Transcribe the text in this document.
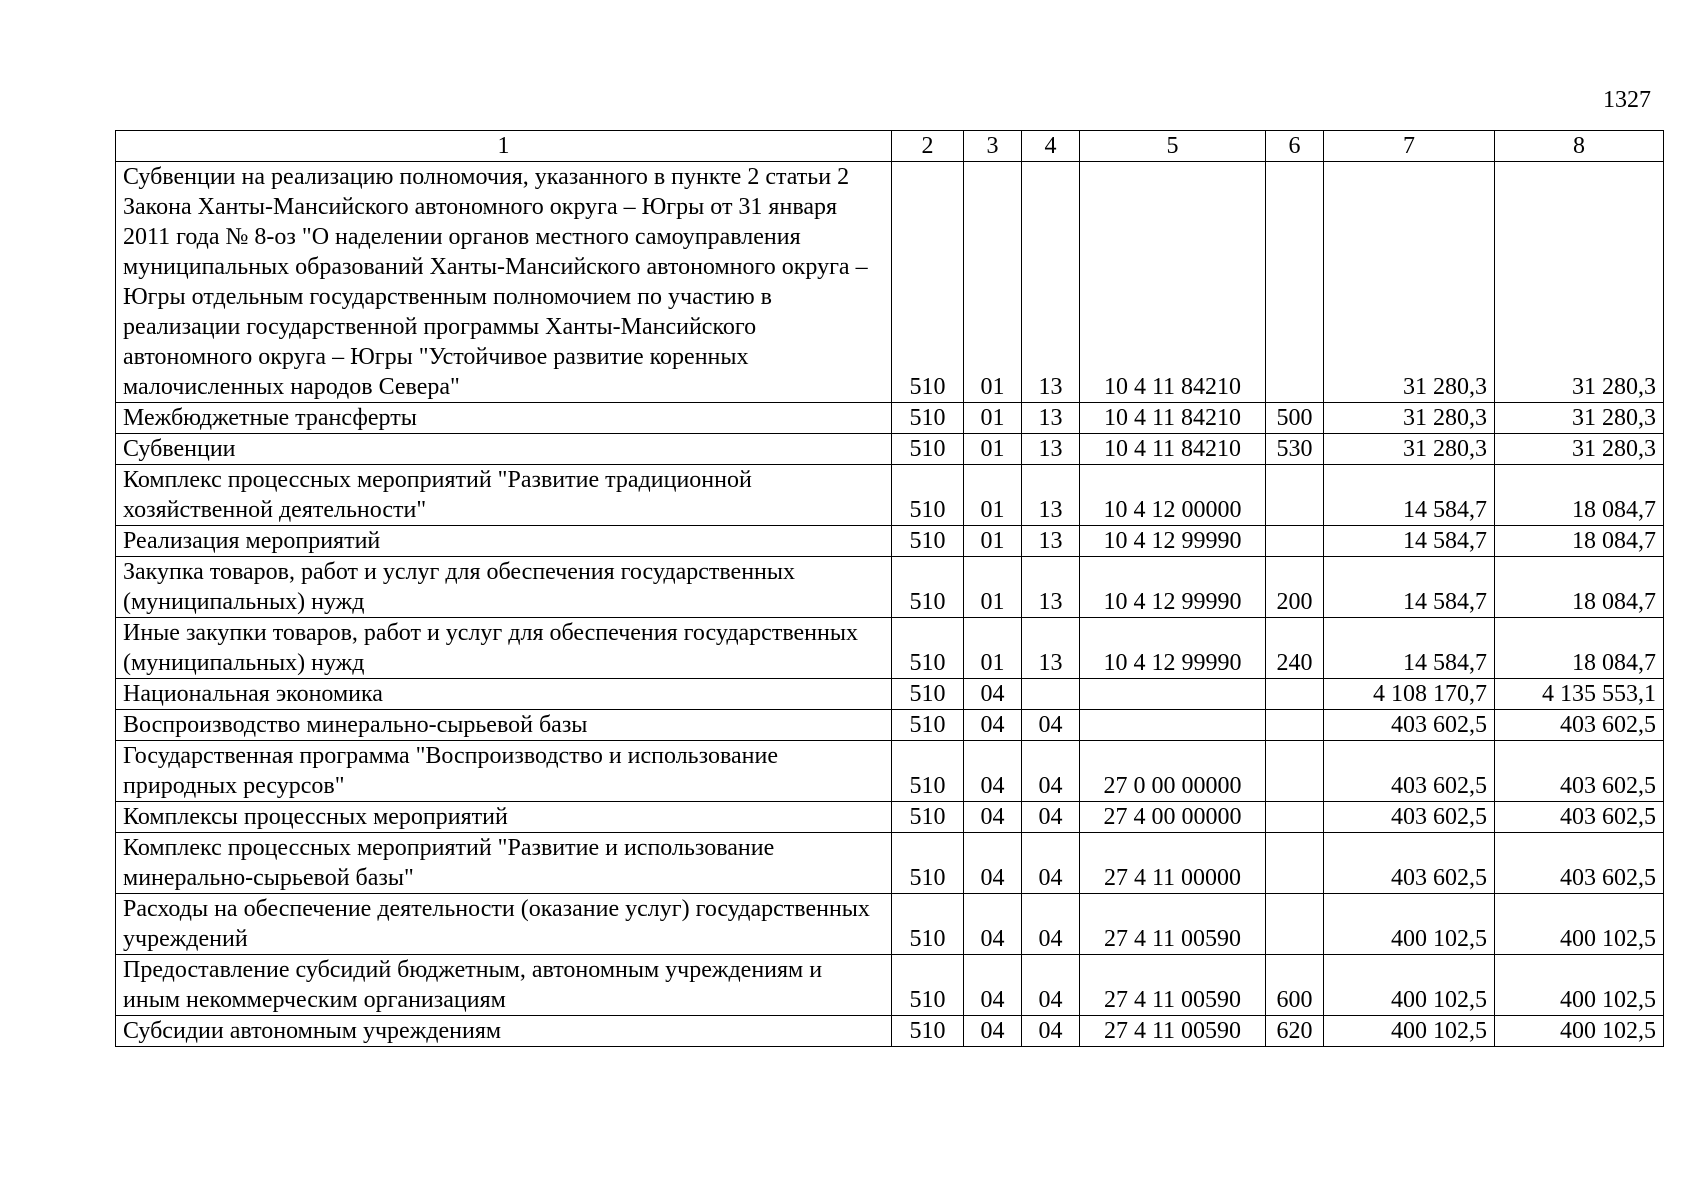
1327
1	2	3	4	5	6	7	8
Субвенции на реализацию полномочия, указанного в пункте 2 статьи 2 Закона Ханты-Мансийского автономного округа – Югры от 31 января 2011 года № 8-оз "О наделении органов местного самоуправления муниципальных образований Ханты-Мансийского автономного округа – Югры отдельным государственным полномочием по участию в реализации государственной программы Ханты-Мансийского автономного округа – Югры "Устойчивое развитие коренных малочисленных народов Севера"	510	01	13	10 4 11 84210		31 280,3	31 280,3
Межбюджетные трансферты	510	01	13	10 4 11 84210	500	31 280,3	31 280,3
Субвенции	510	01	13	10 4 11 84210	530	31 280,3	31 280,3
Комплекс процессных мероприятий "Развитие традиционной хозяйственной деятельности"	510	01	13	10 4 12 00000		14 584,7	18 084,7
Реализация мероприятий	510	01	13	10 4 12 99990		14 584,7	18 084,7
Закупка товаров, работ и услуг для обеспечения государственных (муниципальных) нужд	510	01	13	10 4 12 99990	200	14 584,7	18 084,7
Иные закупки товаров, работ и услуг для обеспечения государственных (муниципальных) нужд	510	01	13	10 4 12 99990	240	14 584,7	18 084,7
Национальная экономика	510	04				4 108 170,7	4 135 553,1
Воспроизводство минерально-сырьевой базы	510	04	04			403 602,5	403 602,5
Государственная программа "Воспроизводство и использование природных ресурсов"	510	04	04	27 0 00 00000		403 602,5	403 602,5
Комплексы процессных мероприятий	510	04	04	27 4 00 00000		403 602,5	403 602,5
Комплекс процессных мероприятий "Развитие и использование минерально-сырьевой базы"	510	04	04	27 4 11 00000		403 602,5	403 602,5
Расходы на обеспечение деятельности (оказание услуг) государственных учреждений	510	04	04	27 4 11 00590		400 102,5	400 102,5
Предоставление субсидий бюджетным, автономным учреждениям и иным некоммерческим организациям	510	04	04	27 4 11 00590	600	400 102,5	400 102,5
Субсидии автономным учреждениям	510	04	04	27 4 11 00590	620	400 102,5	400 102,5
